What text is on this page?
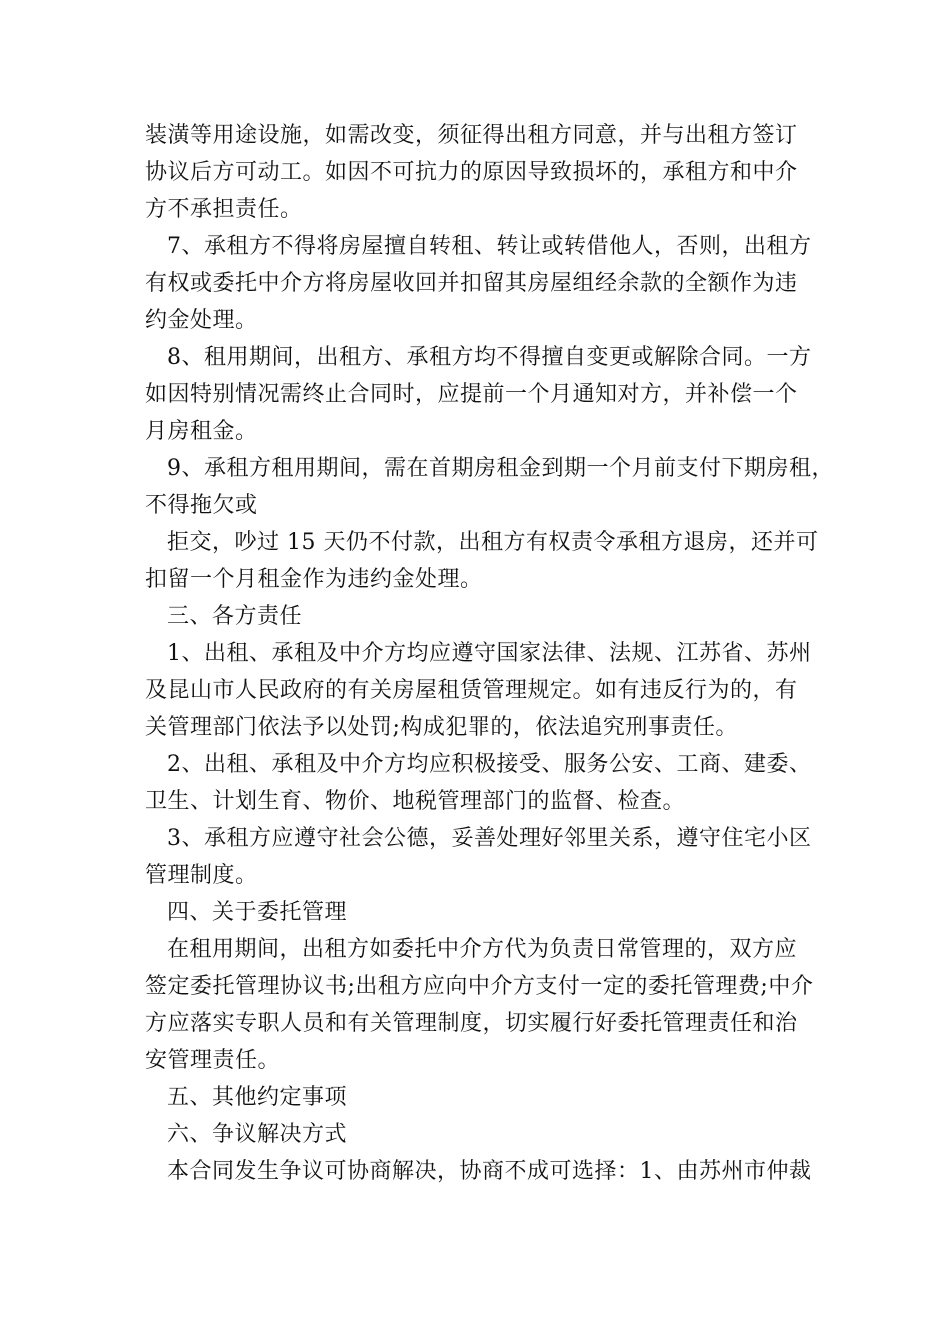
装潢等用途设施，如需改变，须征得出租方同意，并与出租方签订
协议后方可动工。如因不可抗力的原因导致损坏的，承租方和中介
方不承担责任。
7、承租方不得将房屋擅自转租、转让或转借他人，否则，出租方
有权或委托中介方将房屋收回并扣留其房屋组经余款的全额作为违
约金处理。
8、租用期间，出租方、承租方均不得擅自变更或解除合同。一方
如因特别情况需终止合同时，应提前一个月通知对方，并补偿一个
月房租金。
9、承租方租用期间，需在首期房租金到期一个月前支付下期房租，
不得拖欠或
拒交，吵过 15 天仍不付款，出租方有权责令承租方退房，还并可
扣留一个月租金作为违约金处理。
三、各方责任
1、出租、承租及中介方均应遵守国家法律、法规、江苏省、苏州
及昆山市人民政府的有关房屋租赁管理规定。如有违反行为的，有
关管理部门依法予以处罚;构成犯罪的，依法追究刑事责任。
2、出租、承租及中介方均应积极接受、服务公安、工商、建委、
卫生、计划生育、物价、地税管理部门的监督、检查。
3、承租方应遵守社会公德，妥善处理好邻里关系，遵守住宅小区
管理制度。
四、关于委托管理
在租用期间，出租方如委托中介方代为负责日常管理的，双方应
签定委托管理协议书;出租方应向中介方支付一定的委托管理费;中介
方应落实专职人员和有关管理制度，切实履行好委托管理责任和治
安管理责任。
五、其他约定事项
六、争议解决方式
本合同发生争议可协商解决，协商不成可选择：1、由苏州市仲裁
